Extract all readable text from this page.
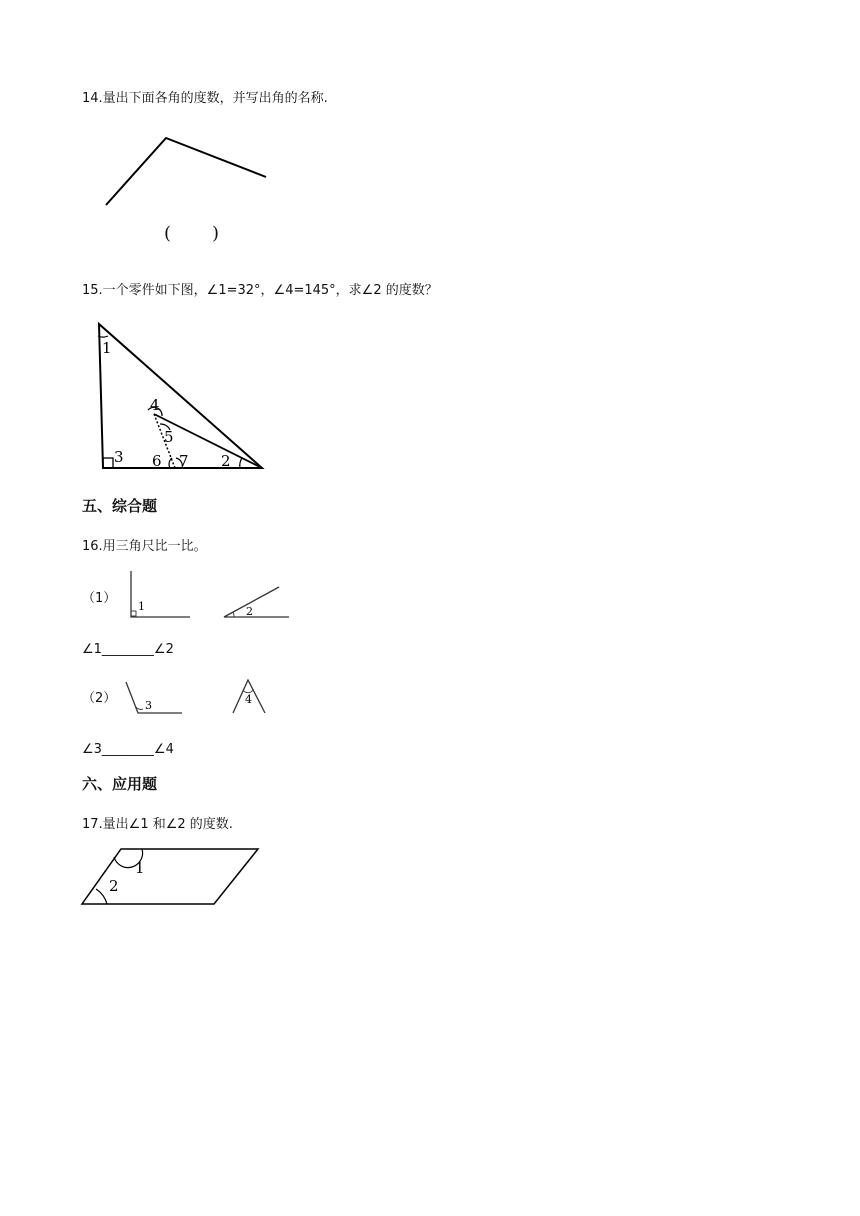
14.量出下面各角的度数，并写出角的名称.
( )
15.一个零件如下图，∠1=32°，∠4=145°，求∠2 的度数？
1
4
5
3 6 7 2
五、综合题
16.用三角尺比一比。
（1）
1	2
∠1________∠2
（2）	3	4
∠3________∠4
六、应用题
17.量出∠1 和∠2 的度数.
1
2
